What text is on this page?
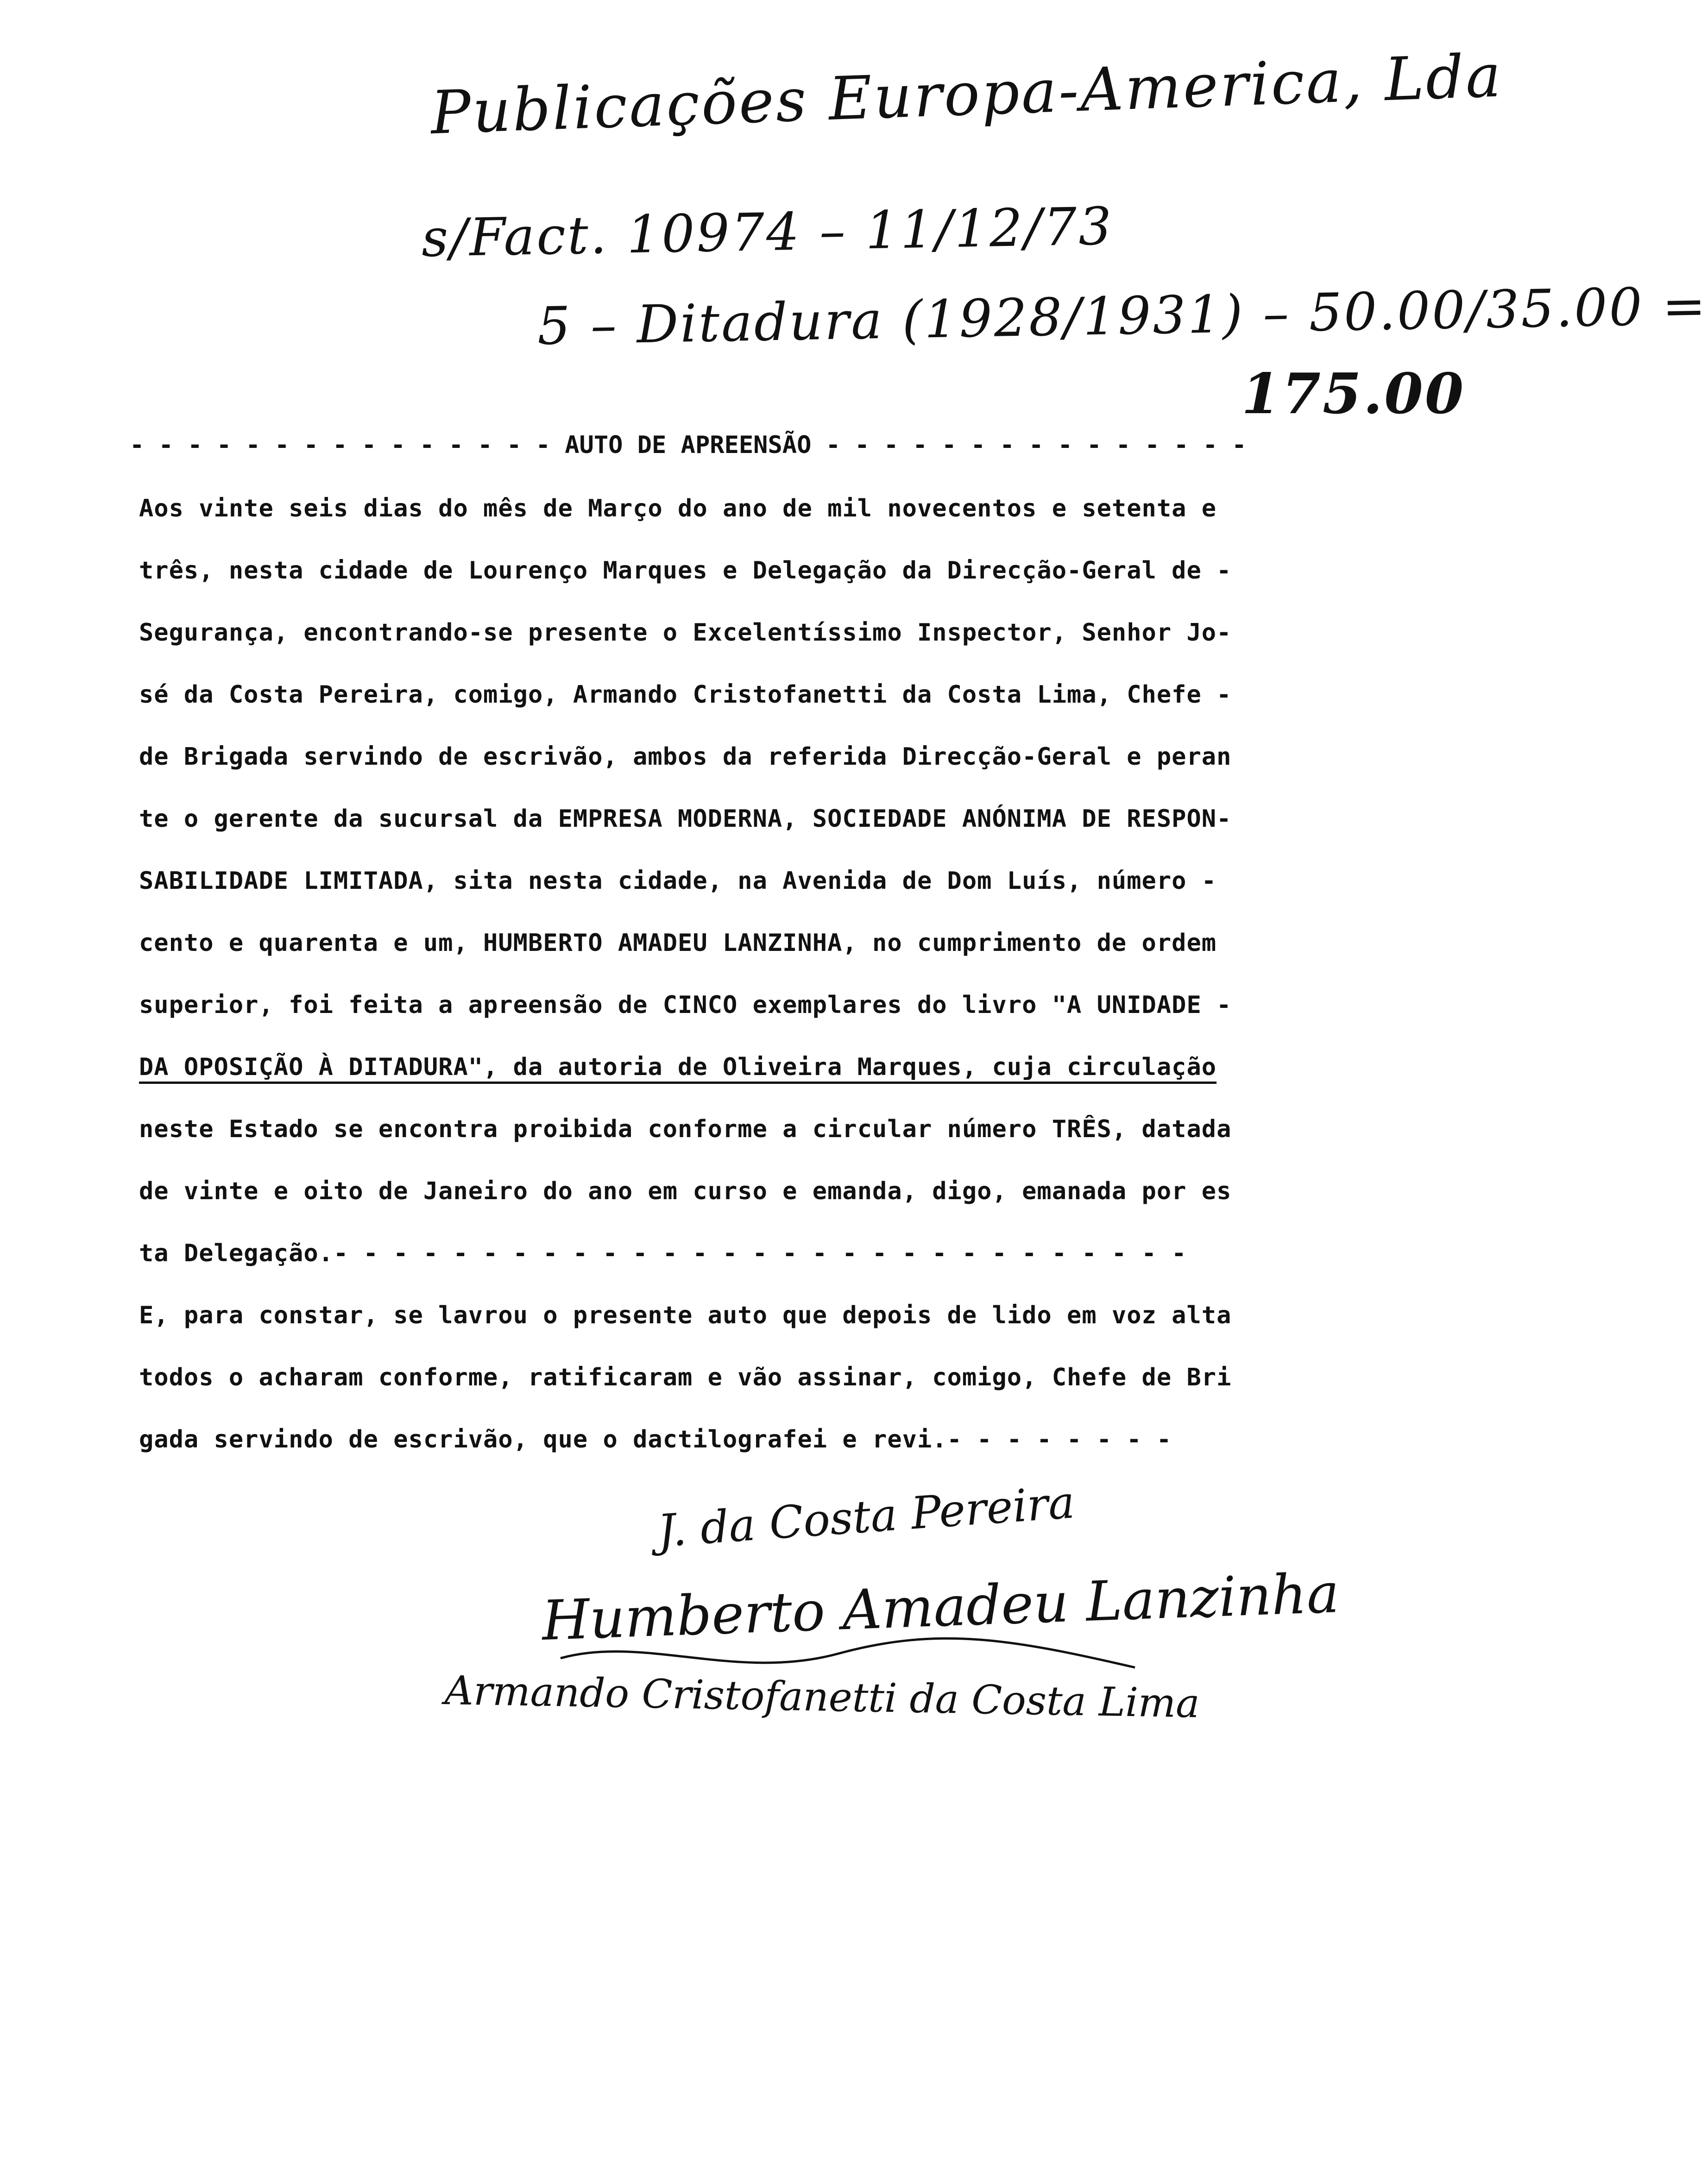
Publicações Europa-America, Lda
s/Fact. 10974 – 11/12/73
5 – Ditadura (1928/1931) – 50.00/35.00 =
175.00
- - - - - - - - - - - - - - - AUTO DE APREENSÃO - - - - - - - - - - - - - - -
Aos vinte seis dias do mês de Março do ano de mil novecentos e setenta e
três, nesta cidade de Lourenço Marques e Delegação da Direcção-Geral de -
Segurança, encontrando-se presente o Excelentíssimo Inspector, Senhor Jo-
sé da Costa Pereira, comigo, Armando Cristofanetti da Costa Lima, Chefe -
de Brigada servindo de escrivão, ambos da referida Direcção-Geral e peran
te o gerente da sucursal da EMPRESA MODERNA, SOCIEDADE ANÓNIMA DE RESPON-
SABILIDADE LIMITADA, sita nesta cidade, na Avenida de Dom Luís, número -
cento e quarenta e um, HUMBERTO AMADEU LANZINHA, no cumprimento de ordem
superior, foi feita a apreensão de CINCO exemplares do livro "A UNIDADE -
DA OPOSIÇÃO À DITADURA", da autoria de Oliveira Marques, cuja circulação
neste Estado se encontra proibida conforme a circular número TRÊS, datada
de vinte e oito de Janeiro do ano em curso e emanda, digo, emanada por es
ta Delegação.- - - - - - - - - - - - - - - - - - - - - - - - - - - - -
E, para constar, se lavrou o presente auto que depois de lido em voz alta
todos o acharam conforme, ratificaram e vão assinar, comigo, Chefe de Bri
gada servindo de escrivão, que o dactilografei e revi.- - - - - - - -
J. da Costa Pereira
Humberto Amadeu Lanzinha
Armando Cristofanetti da Costa Lima
